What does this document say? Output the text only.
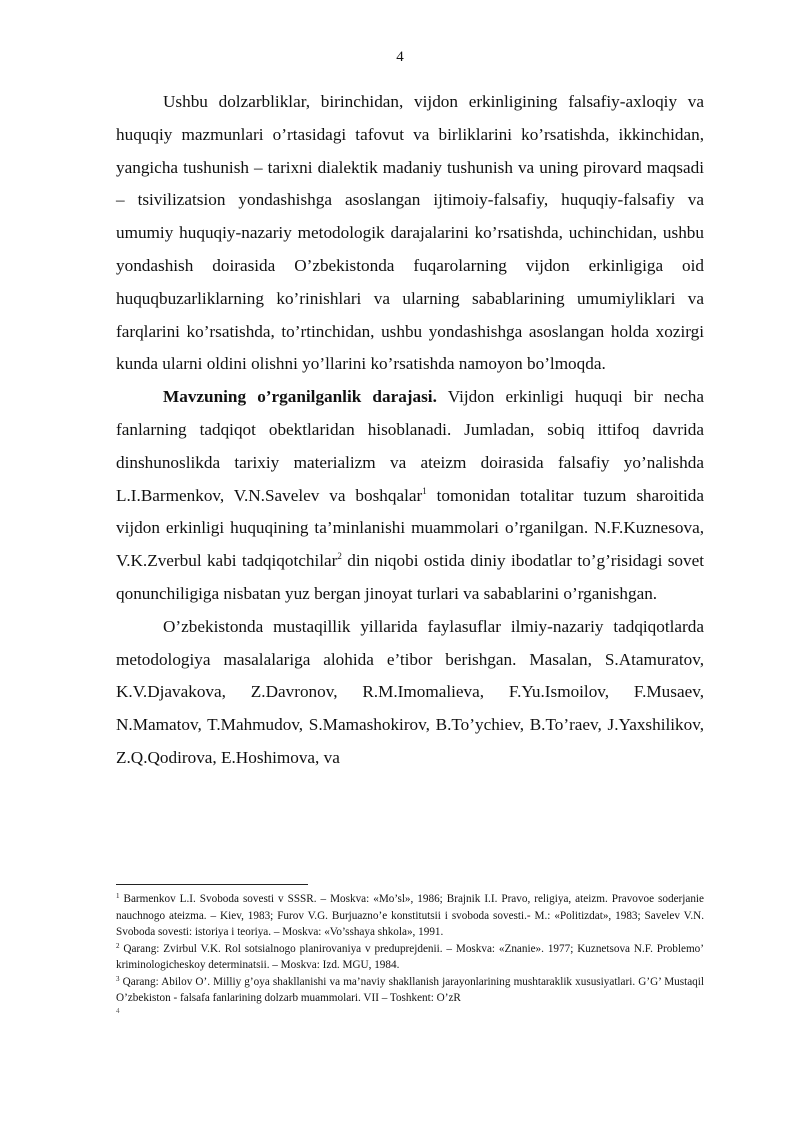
4

Ushbu dolzarbliklar, birinchidan, vijdon erkinligining falsafiy-axloqiy va huquqiy mazmunlari o’rtasidagi tafovut va birliklarini ko’rsatishda, ikkinchidan, yangicha tushunish – tarixni dialektik madaniy tushunish va uning pirovard maqsadi – tsivilizatsion yondashishga asoslangan ijtimoiy-falsafiy, huquqiy-falsafiy va umumiy huquqiy-nazariy metodologik darajalarini ko’rsatishda, uchinchidan, ushbu yondashish doirasida O’zbekistonda fuqarolarning vijdon erkinligiga oid huquqbuzarliklarning ko’rinishlari va ularning sabablarining umumiyliklari va farqlarini ko’rsatishda, to’rtinchidan, ushbu yondashishga asoslangan holda xozirgi kunda ularni oldini olishni yo’llarini ko’rsatishda namoyon bo’lmoqda.

Mavzuning o’rganilganlik darajasi. Vijdon erkinligi huquqi bir necha fanlarning tadqiqot obektlaridan hisoblanadi. Jumladan, sobiq ittifoq davrida dinshunoslikda tarixiy materializm va ateizm doirasida falsafiy yo’nalishda L.I.Barmenkov, V.N.Savelev va boshqalar$^1$ tomonidan totalitar tuzum sharoitida vijdon erkinligi huquqining ta’minlanishi muammolari o’rganilgan. N.F.Kuznesova, V.K.Zverbul kabi tadqiqotchilar$^2$ din niqobi ostida diniy ibodatlar to’g’risidagi sovet qonunchiligiga nisbatan yuz bergan jinoyat turlari va sabablarini o’rganishgan.

O’zbekistonda mustaqillik yillarida faylasuflar ilmiy-nazariy tadqiqotlarda metodologiya masalalariga alohida e’tibor berishgan. Masalan, S.Atamuratov, K.V.Djavakova, Z.Davronov, R.M.Imomalieva, F.Yu.Ismoilov, F.Musaev, N.Mamatov, T.Mahmudov, S.Mamashokirov, B.To’ychiev, B.To’raev, J.Yaxshilikov, Z.Q.Qodirova, E.Hoshimova, va

$^1$ Barmenkov L.I. Svoboda sovesti v SSSR. – Moskva: «Mo’sl», 1986; Brajnik I.I. Pravo, religiya, ateizm. Pravovoe soderjanie nauchnogo ateizma. – Kiev, 1983; Furov V.G. Burjuazno’e konstitutsii i svoboda sovesti.- M.: «Politizdat», 1983; Savelev V.N. Svoboda sovesti: istoriya i teoriya. – Moskva: «Vo’sshaya shkola», 1991.

$^2$ Qarang: Zvirbul V.K. Rol sotsialnogo planirovaniya v preduprejdenii. – Moskva: «Znanie». 1977; Kuznetsova N.F. Problemo’ kriminologicheskoy determinatsii. – Moskva: Izd. MGU, 1984.

$^3$ Qarang: Abilov O’. Milliy g’oya shakllanishi va ma’naviy shakllanish jarayonlarining mushtaraklik xususiyatlari. G’G’ Mustaqil O’zbekiston - falsafa fanlarining dolzarb muammolari. VII – Toshkent: O’zR

4
